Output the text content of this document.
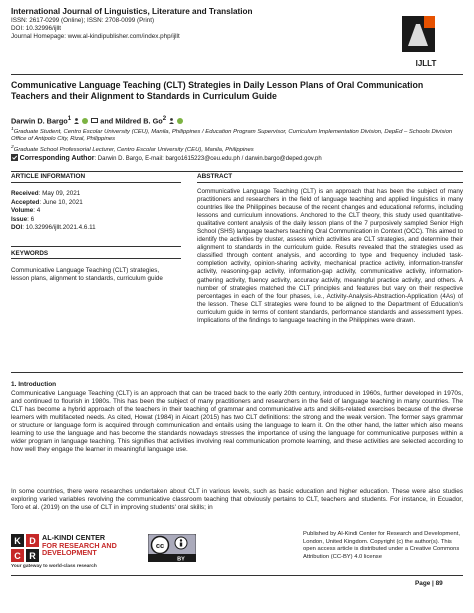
International Journal of Linguistics, Literature and Translation
ISSN: 2617-0299 (Online); ISSN: 2708-0099 (Print)
DOI: 10.32996/ijllt
Journal Homepage: www.al-kindipublisher.com/index.php/ijllt
IJLLT
Communicative Language Teaching (CLT) Strategies in Daily Lesson Plans of Oral Communication Teachers and their Alignment to Standards in Curriculum Guide
Darwin D. Bargo$^1$	and Mildred B. Go$^2$
$^1$Graduate Student, Centro Escolar University (CEU), Manila, Philippines / Education Program Supervisor, Curriculum Implementation Division, DepEd – Schools Division Office of Antipolo City, Rizal, Philippines
$^2$Graduate School Professorial Lecturer, Centro Escolar University (CEU), Manila, Philippines
Corresponding Author: Darwin D. Bargo, E-mail: bargo1615223@ceu.edu.ph / darwin.bargo@deped.gov.ph
ARTICLE INFORMATION	ABSTRACT
Received: May 09, 2021
Accepted: June 10, 2021
Volume: 4
Issue: 6
DOI: 10.32996/ijllt.2021.4.6.11
KEYWORDS
Communicative Language Teaching (CLT) strategies, lesson plans, alignment to standards, curriculum guide
Communicative Language Teaching (CLT) is an approach that has been the subject of many practitioners and researchers in the field of language teaching and applied linguistics in many countries like the Philippines because of the recent changes and educational reforms, including lessons and curriculum innovations. Anchored to the CLT theory, this study used quantitative-qualitative content analysis of the daily lesson plans of the 7 purposively sampled Senior High School (SHS) language teachers teaching Oral Communication in Context (OCC). This aimed to identify the activities by cluster, assess which activities are CLT strategies, and determine their alignment to standards in the curriculum guide. Results revealed that the strategies used as classified through content analysis, and according to type and frequency included task-completion activity, opinion-sharing activity, mechanical practice activity, information-transfer activity, reasoning-gap activity, information-gap activity, communicative activity, information-gathering activity, fluency activity, accuracy activity, meaningful practice activity, and others. A number of strategies matched the CLT principles and features but vary on their respective percentages in each of the four phases, i.e., Activity-Analysis-Abstraction-Application (4As) of the lesson. These CLT strategies were found to be aligned to the Department of Education's curriculum guide in terms of content standards, performance standards and assessment types. Implications of the findings to language teaching in the Philippines were drawn.
1. Introduction
Communicative Language Teaching (CLT) is an approach that can be traced back to the early 20th century, introduced in 1960s, further developed in 1970s, and continued to flourish in 1980s. This has been the subject of many practitioners and researchers in the field of language teaching in many countries. The CLT has become a hybrid approach of the teachers in their teaching of grammar and communicative arts and skills-related exercises because of the diverse learners with multifaceted needs. As cited, Howat (1984) in Aicart (2015) has two CLT definitions: the strong and the weak version. The former says grammar or structure or language form is acquired through communication and entails using the language to learn it. On the other hand, the latter which also means learning to use the language and has become the standards nowadays stresses the importance of using the language for communicative purposes within a wider program in language teaching. This signifies that activities involving real communication promote learning, and these activities are selected according to how well they engage the learner in meaningful language use.
In some countries, there were researches undertaken about CLT in various levels, such as basic education and higher education. These were also studies exploring varied variables revolving the communicative classroom teaching that obviously pertains to CLT, teachers and students. For instance, in Ecuador, Toro et al. (2019) on the use of CLT in improving students' oral skills; in
K D
C R
AL-KINDI CENTER
FOR RESEARCH AND
DEVELOPMENT
Your gateway to world-class research
cc
BY
Published by Al-Kindi Center for Research and Development, London, United Kingdom. Copyright (c) the author(s). This open access article is distributed under a Creative Commons Attribution (CC-BY) 4.0 license
Page | 89
